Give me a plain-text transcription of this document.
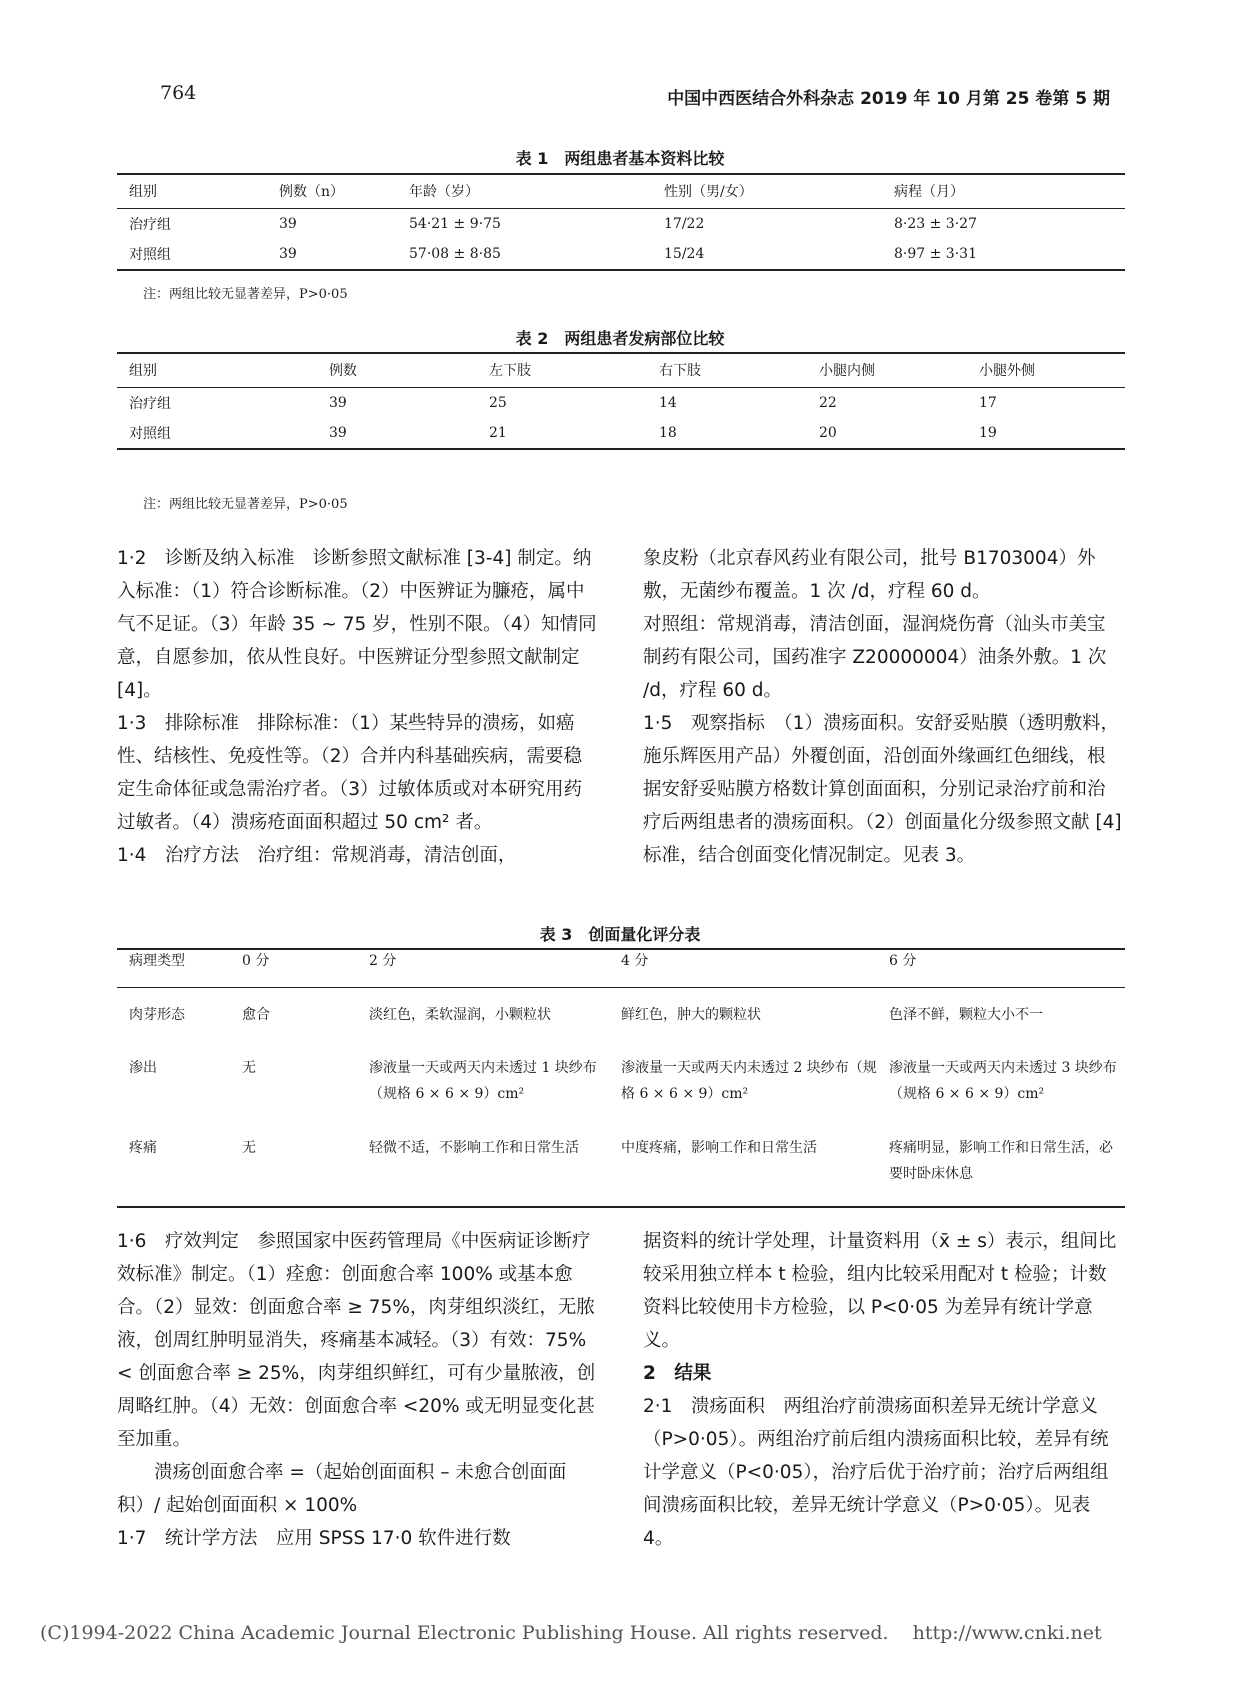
764	中国中西医结合外科杂志 2019 年 10 月第 25 卷第 5 期
表 1　两组患者基本资料比较
组别	例数（n）	年龄（岁）	性别（男/女）	病程（月）
治疗组	39	54·21 ± 9·75	17/22	8·23 ± 3·27
对照组	39	57·08 ± 8·85	15/24	8·97 ± 3·31
注：两组比较无显著差异，P>0·05
表 2　两组患者发病部位比较
组别	例数	左下肢	右下肢	小腿内侧	小腿外侧
治疗组	39	25	14	22	17
对照组	39	21	18	20	19
注：两组比较无显著差异，P>0·05

1·2　诊断及纳入标准　诊断参照文献标准 [3-4] 制定。纳入标准：（1）符合诊断标准。（2）中医辨证为臁疮，属中气不足证。（3）年龄 35 ~ 75 岁，性别不限。（4）知情同意，自愿参加，依从性良好。中医辨证分型参照文献制定 [4]。

1·3　排除标准　排除标准：（1）某些特异的溃疡，如癌性、结核性、免疫性等。（2）合并内科基础疾病，需要稳定生命体征或急需治疗者。（3）过敏体质或对本研究用药过敏者。（4）溃疡疮面面积超过 50 cm² 者。

1·4　治疗方法　治疗组：常规消毒，清洁创面，

象皮粉（北京春风药业有限公司，批号 B1703004）外敷，无菌纱布覆盖。1 次 /d，疗程 60 d。

对照组：常规消毒，清洁创面，湿润烧伤膏（汕头市美宝制药有限公司，国药准字 Z20000004）油条外敷。1 次 /d，疗程 60 d。

1·5　观察指标　（1）溃疡面积。安舒妥贴膜（透明敷料，施乐辉医用产品）外覆创面，沿创面外缘画红色细线，根据安舒妥贴膜方格数计算创面面积，分别记录治疗前和治疗后两组患者的溃疡面积。（2）创面量化分级参照文献 [4] 标准，结合创面变化情况制定。见表 3。

表 3　创面量化评分表
病理类型	0 分	2 分	4 分	6 分
肉芽形态	愈合	淡红色，柔软湿润，小颗粒状	鲜红色，肿大的颗粒状	色泽不鲜，颗粒大小不一
渗出	无	渗液量一天或两天内未透过 1 块纱布（规格 6 × 6 × 9）cm²	渗液量一天或两天内未透过 2 块纱布（规格 6 × 6 × 9）cm²	渗液量一天或两天内未透过 3 块纱布（规格 6 × 6 × 9）cm²
疼痛	无	轻微不适，不影响工作和日常生活	中度疼痛，影响工作和日常生活	疼痛明显，影响工作和日常生活，必要时卧床休息

1·6　疗效判定　参照国家中医药管理局《中医病证诊断疗效标准》制定。（1）痊愈：创面愈合率 100% 或基本愈合。（2）显效：创面愈合率 ≥ 75%，肉芽组织淡红，无脓液，创周红肿明显消失，疼痛基本减轻。（3）有效：75%< 创面愈合率 ≥ 25%，肉芽组织鲜红，可有少量脓液，创周略红肿。（4）无效：创面愈合率 <20% 或无明显变化甚至加重。

　　溃疡创面愈合率 =（起始创面面积 – 未愈合创面面积）/ 起始创面面积 × 100%

1·7　统计学方法　应用 SPSS 17·0 软件进行数

据资料的统计学处理，计量资料用（x̄ ± s）表示，组间比较采用独立样本 t 检验，组内比较采用配对 t 检验；计数资料比较使用卡方检验，以 P<0·05 为差异有统计学意义。

2　结果

2·1　溃疡面积　两组治疗前溃疡面积差异无统计学意义（P>0·05）。两组治疗前后组内溃疡面积比较，差异有统计学意义（P<0·05），治疗后优于治疗前；治疗后两组组间溃疡面积比较，差异无统计学意义（P>0·05）。见表 4。

(C)1994-2022 China Academic Journal Electronic Publishing House. All rights reserved. http://www.cnki.net
